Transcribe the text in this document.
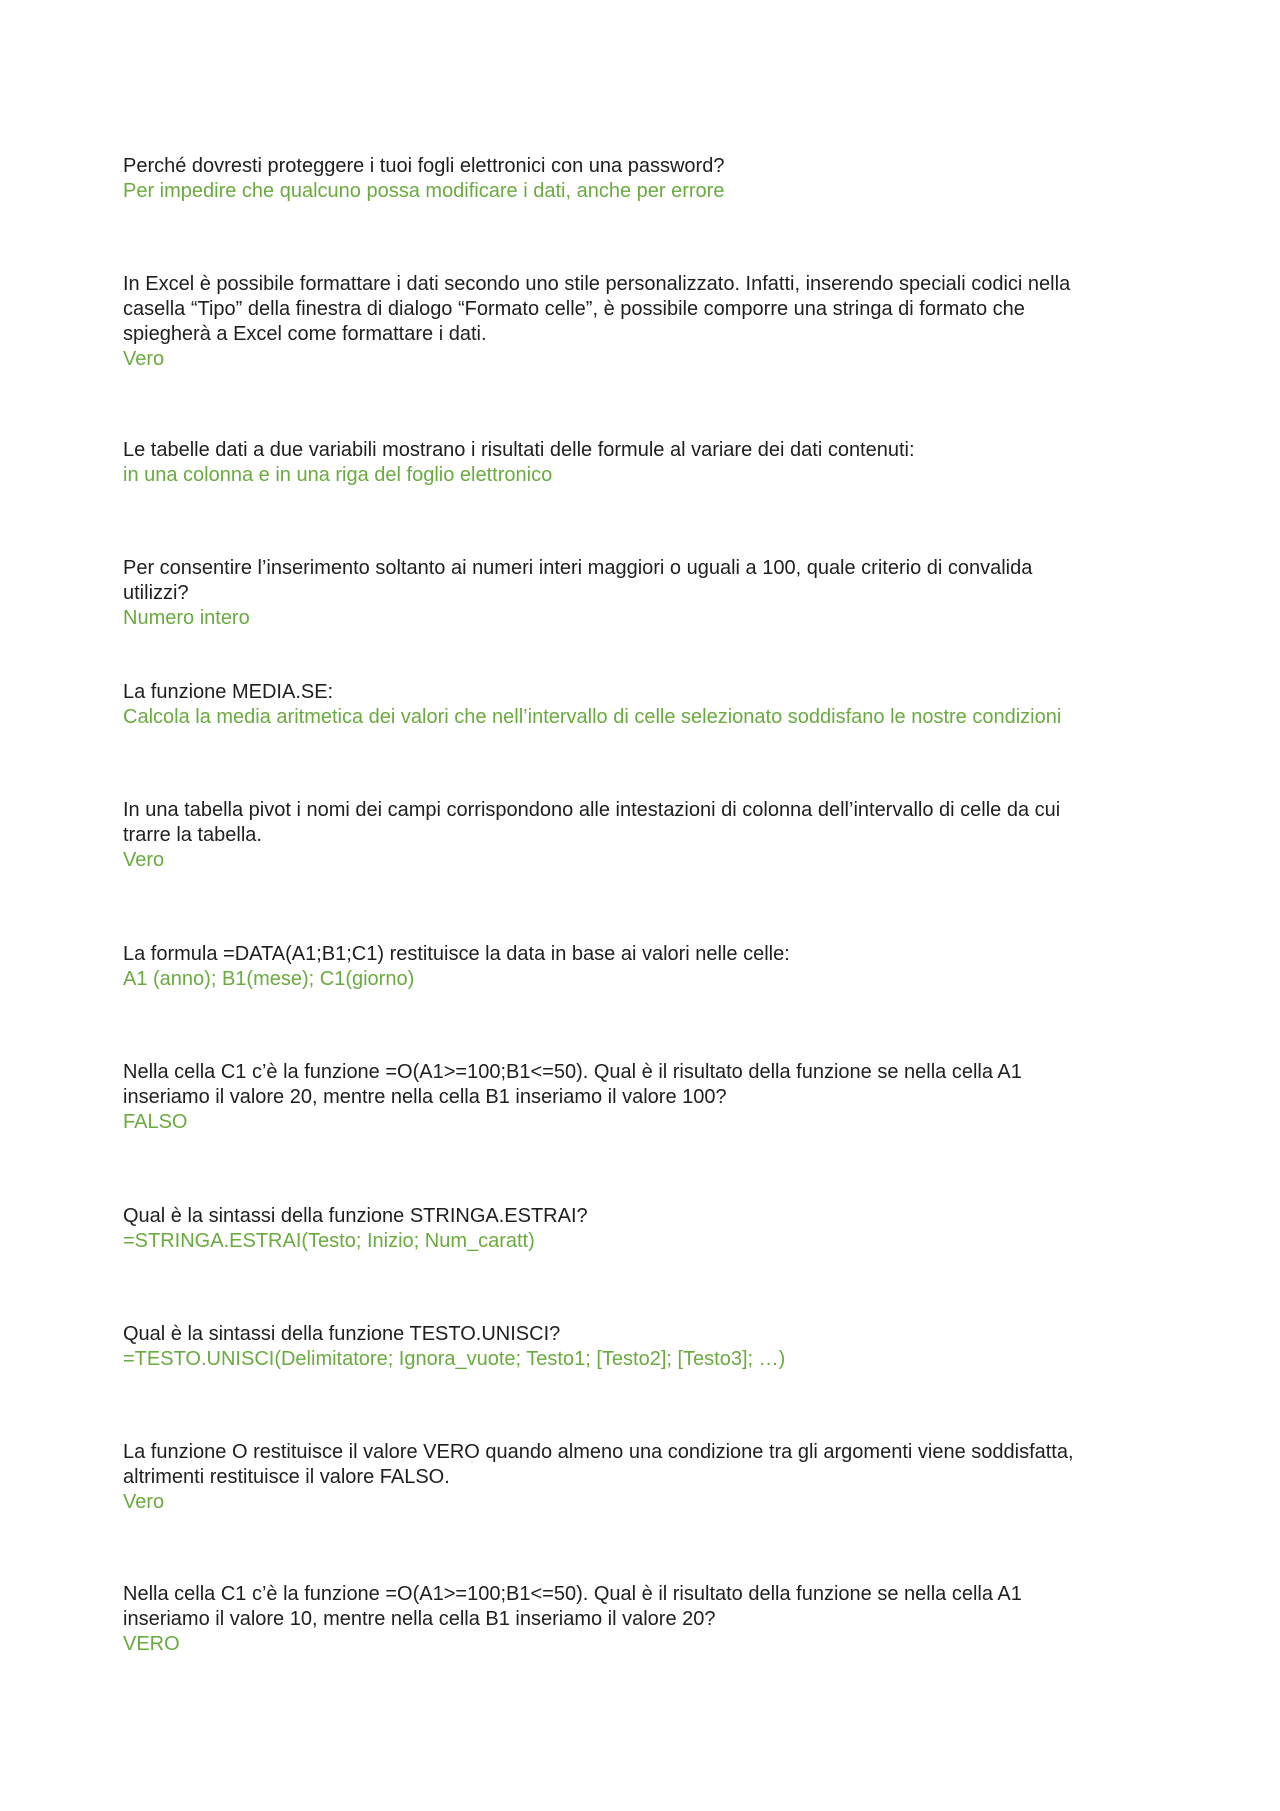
Perché dovresti proteggere i tuoi fogli elettronici con una password?

Per impedire che qualcuno possa modificare i dati, anche per errore

In Excel è possibile formattare i dati secondo uno stile personalizzato. Infatti, inserendo speciali codici nella
casella “Tipo” della finestra di dialogo “Formato celle”, è possibile comporre una stringa di formato che
spiegherà a Excel come formattare i dati.

Vero

Le tabelle dati a due variabili mostrano i risultati delle formule al variare dei dati contenuti:

in una colonna e in una riga del foglio elettronico

Per consentire l’inserimento soltanto ai numeri interi maggiori o uguali a 100, quale criterio di convalida
utilizzi?

Numero intero

La funzione MEDIA.SE:

Calcola la media aritmetica dei valori che nell’intervallo di celle selezionato soddisfano le nostre condizioni

In una tabella pivot i nomi dei campi corrispondono alle intestazioni di colonna dell’intervallo di celle da cui
trarre la tabella.

Vero

La formula =DATA(A1;B1;C1) restituisce la data in base ai valori nelle celle:

A1 (anno); B1(mese); C1(giorno)

Nella cella C1 c’è la funzione =O(A1>=100;B1<=50). Qual è il risultato della funzione se nella cella A1
inseriamo il valore 20, mentre nella cella B1 inseriamo il valore 100?

FALSO

Qual è la sintassi della funzione STRINGA.ESTRAI?

=STRINGA.ESTRAI(Testo; Inizio; Num_caratt)

Qual è la sintassi della funzione TESTO.UNISCI?

=TESTO.UNISCI(Delimitatore; Ignora_vuote; Testo1; [Testo2]; [Testo3]; …)

La funzione O restituisce il valore VERO quando almeno una condizione tra gli argomenti viene soddisfatta,
altrimenti restituisce il valore FALSO.

Vero

Nella cella C1 c’è la funzione =O(A1>=100;B1<=50). Qual è il risultato della funzione se nella cella A1
inseriamo il valore 10, mentre nella cella B1 inseriamo il valore 20?

VERO
